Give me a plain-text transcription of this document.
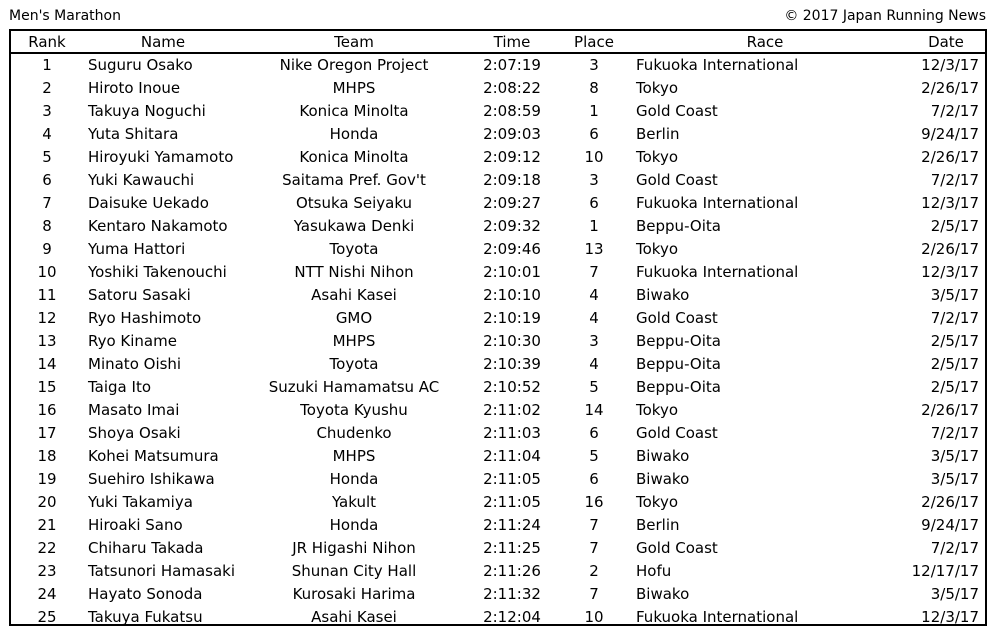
Men's Marathon	© 2017 Japan Running News
Rank	Name	Team	Time	Place	Race	Date
1	Suguru Osako	Nike Oregon Project	2:07:19	3	Fukuoka International	12/3/17
2	Hiroto Inoue	MHPS	2:08:22	8	Tokyo	2/26/17
3	Takuya Noguchi	Konica Minolta	2:08:59	1	Gold Coast	7/2/17
4	Yuta Shitara	Honda	2:09:03	6	Berlin	9/24/17
5	Hiroyuki Yamamoto	Konica Minolta	2:09:12	10	Tokyo	2/26/17
6	Yuki Kawauchi	Saitama Pref. Gov't	2:09:18	3	Gold Coast	7/2/17
7	Daisuke Uekado	Otsuka Seiyaku	2:09:27	6	Fukuoka International	12/3/17
8	Kentaro Nakamoto	Yasukawa Denki	2:09:32	1	Beppu-Oita	2/5/17
9	Yuma Hattori	Toyota	2:09:46	13	Tokyo	2/26/17
10	Yoshiki Takenouchi	NTT Nishi Nihon	2:10:01	7	Fukuoka International	12/3/17
11	Satoru Sasaki	Asahi Kasei	2:10:10	4	Biwako	3/5/17
12	Ryo Hashimoto	GMO	2:10:19	4	Gold Coast	7/2/17
13	Ryo Kiname	MHPS	2:10:30	3	Beppu-Oita	2/5/17
14	Minato Oishi	Toyota	2:10:39	4	Beppu-Oita	2/5/17
15	Taiga Ito	Suzuki Hamamatsu AC	2:10:52	5	Beppu-Oita	2/5/17
16	Masato Imai	Toyota Kyushu	2:11:02	14	Tokyo	2/26/17
17	Shoya Osaki	Chudenko	2:11:03	6	Gold Coast	7/2/17
18	Kohei Matsumura	MHPS	2:11:04	5	Biwako	3/5/17
19	Suehiro Ishikawa	Honda	2:11:05	6	Biwako	3/5/17
20	Yuki Takamiya	Yakult	2:11:05	16	Tokyo	2/26/17
21	Hiroaki Sano	Honda	2:11:24	7	Berlin	9/24/17
22	Chiharu Takada	JR Higashi Nihon	2:11:25	7	Gold Coast	7/2/17
23	Tatsunori Hamasaki	Shunan City Hall	2:11:26	2	Hofu	12/17/17
24	Hayato Sonoda	Kurosaki Harima	2:11:32	7	Biwako	3/5/17
25	Takuya Fukatsu	Asahi Kasei	2:12:04	10	Fukuoka International	12/3/17
